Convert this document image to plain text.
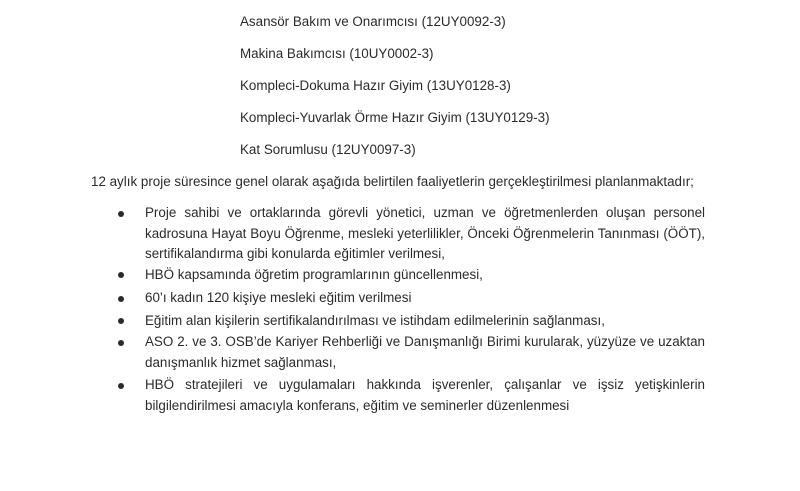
Asansör Bakım ve Onarımcısı (12UY0092-3)
Makina Bakımcısı (10UY0002-3)
Kompleci-Dokuma Hazır Giyim (13UY0128-3)
Kompleci-Yuvarlak Örme Hazır Giyim (13UY0129-3)
Kat Sorumlusu (12UY0097-3)
12 aylık proje süresince genel olarak aşağıda belirtilen faaliyetlerin gerçekleştirilmesi planlanmaktadır;
Proje sahibi ve ortaklarında görevli yönetici, uzman ve öğretmenlerden oluşan personel
kadrosuna Hayat Boyu Öğrenme, mesleki yeterlilikler, Önceki Öğrenmelerin Tanınması (ÖÖT),
sertifikalandırma gibi konularda eğitimler verilmesi,
HBÖ kapsamında öğretim programlarının güncellenmesi,
60’ı kadın 120 kişiye mesleki eğitim verilmesi
Eğitim alan kişilerin sertifikalandırılması ve istihdam edilmelerinin sağlanması,
ASO 2. ve 3. OSB’de Kariyer Rehberliği ve Danışmanlığı Birimi kurularak, yüzyüze ve uzaktan
danışmanlık hizmet sağlanması,
HBÖ stratejileri ve uygulamaları hakkında işverenler, çalışanlar ve işsiz yetişkinlerin
bilgilendirilmesi amacıyla konferans, eğitim ve seminerler düzenlenmesi
